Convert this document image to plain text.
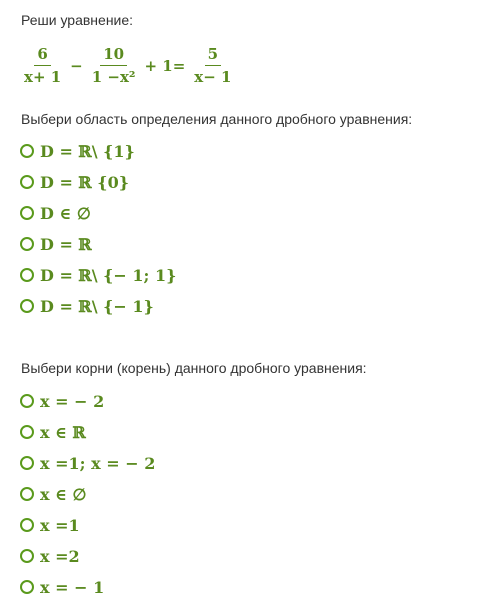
Реши уравнение:
$\frac{6}{x+ 1} - \frac{10}{\text{1 −x²}} + 1= \frac{5}{x- 1}$
Выбери область определения данного дробного уравнения:
D = ℝ\ {1}
D = ℝ {0}
D ∈ ∅
D = ℝ
D = ℝ\ {− 1; 1}
D = ℝ\ {− 1}
Выбери корни (корень) данного дробного уравнения:
x = − 2
x ∈ ℝ
x =1; x = − 2
x ∈ ∅
x =1
x =2
x = − 1
